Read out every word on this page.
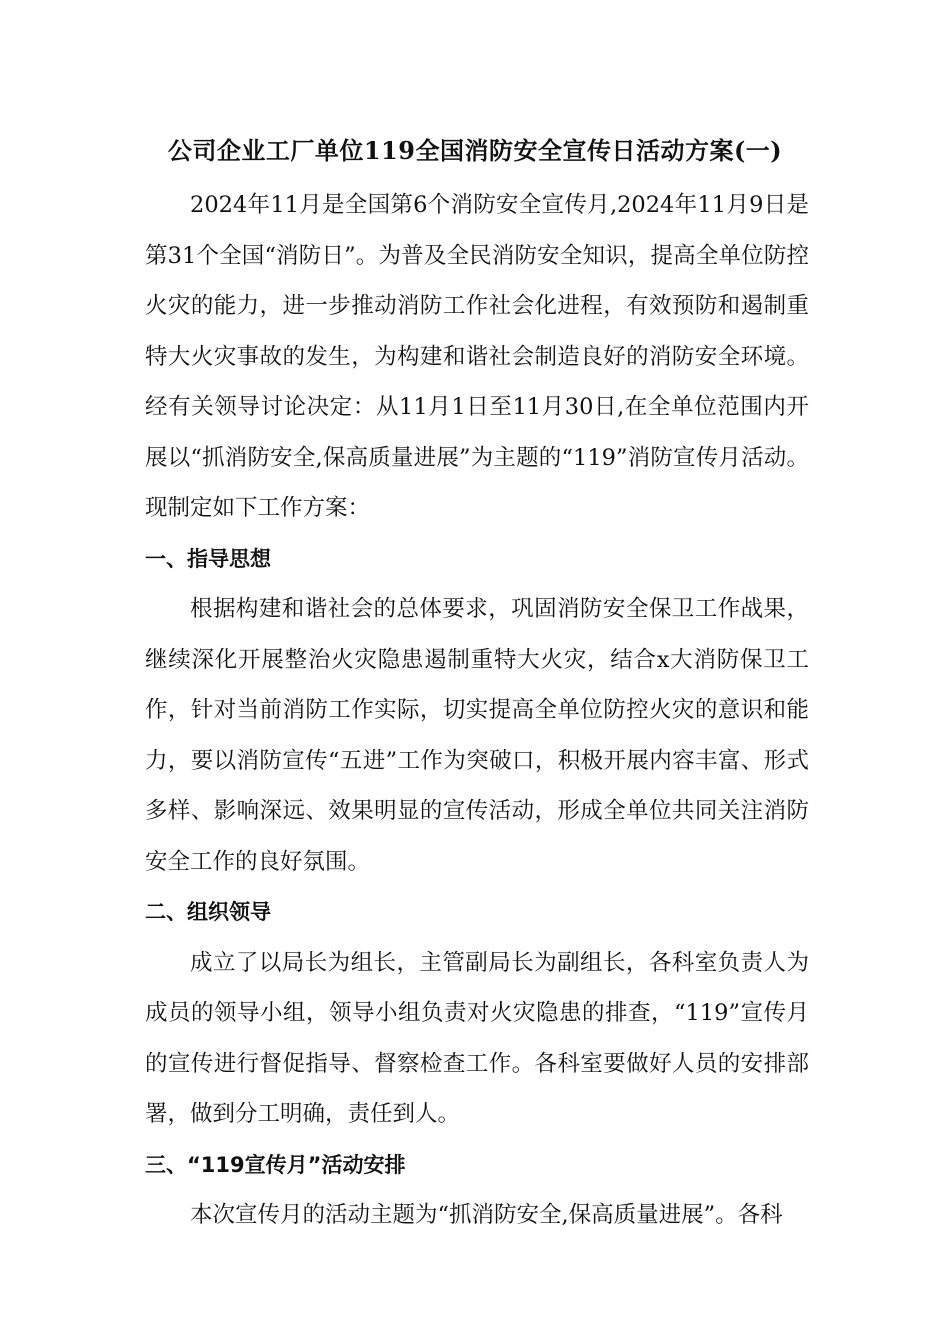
公司企业工厂单位119全国消防安全宣传日活动方案(一)

2024年11月是全国第6个消防安全宣传月,2024年11月9日是第31个全国“消防日”。为普及全民消防安全知识，提高全单位防控火灾的能力，进一步推动消防工作社会化进程，有效预防和遏制重特大火灾事故的发生，为构建和谐社会制造良好的消防安全环境。经有关领导讨论决定：从11月1日至11月30日,在全单位范围内开展以“抓消防安全,保高质量进展”为主题的“119”消防宣传月活动。现制定如下工作方案：

一、指导思想

根据构建和谐社会的总体要求，巩固消防安全保卫工作战果，继续深化开展整治火灾隐患遏制重特大火灾，结合x大消防保卫工作，针对当前消防工作实际，切实提高全单位防控火灾的意识和能力，要以消防宣传“五进”工作为突破口，积极开展内容丰富、形式多样、影响深远、效果明显的宣传活动，形成全单位共同关注消防安全工作的良好氛围。

二、组织领导

成立了以局长为组长，主管副局长为副组长，各科室负责人为成员的领导小组，领导小组负责对火灾隐患的排查，“119”宣传月的宣传进行督促指导、督察检查工作。各科室要做好人员的安排部署，做到分工明确，责任到人。

三、“119宣传月”活动安排

本次宣传月的活动主题为“抓消防安全,保高质量进展”。各科
